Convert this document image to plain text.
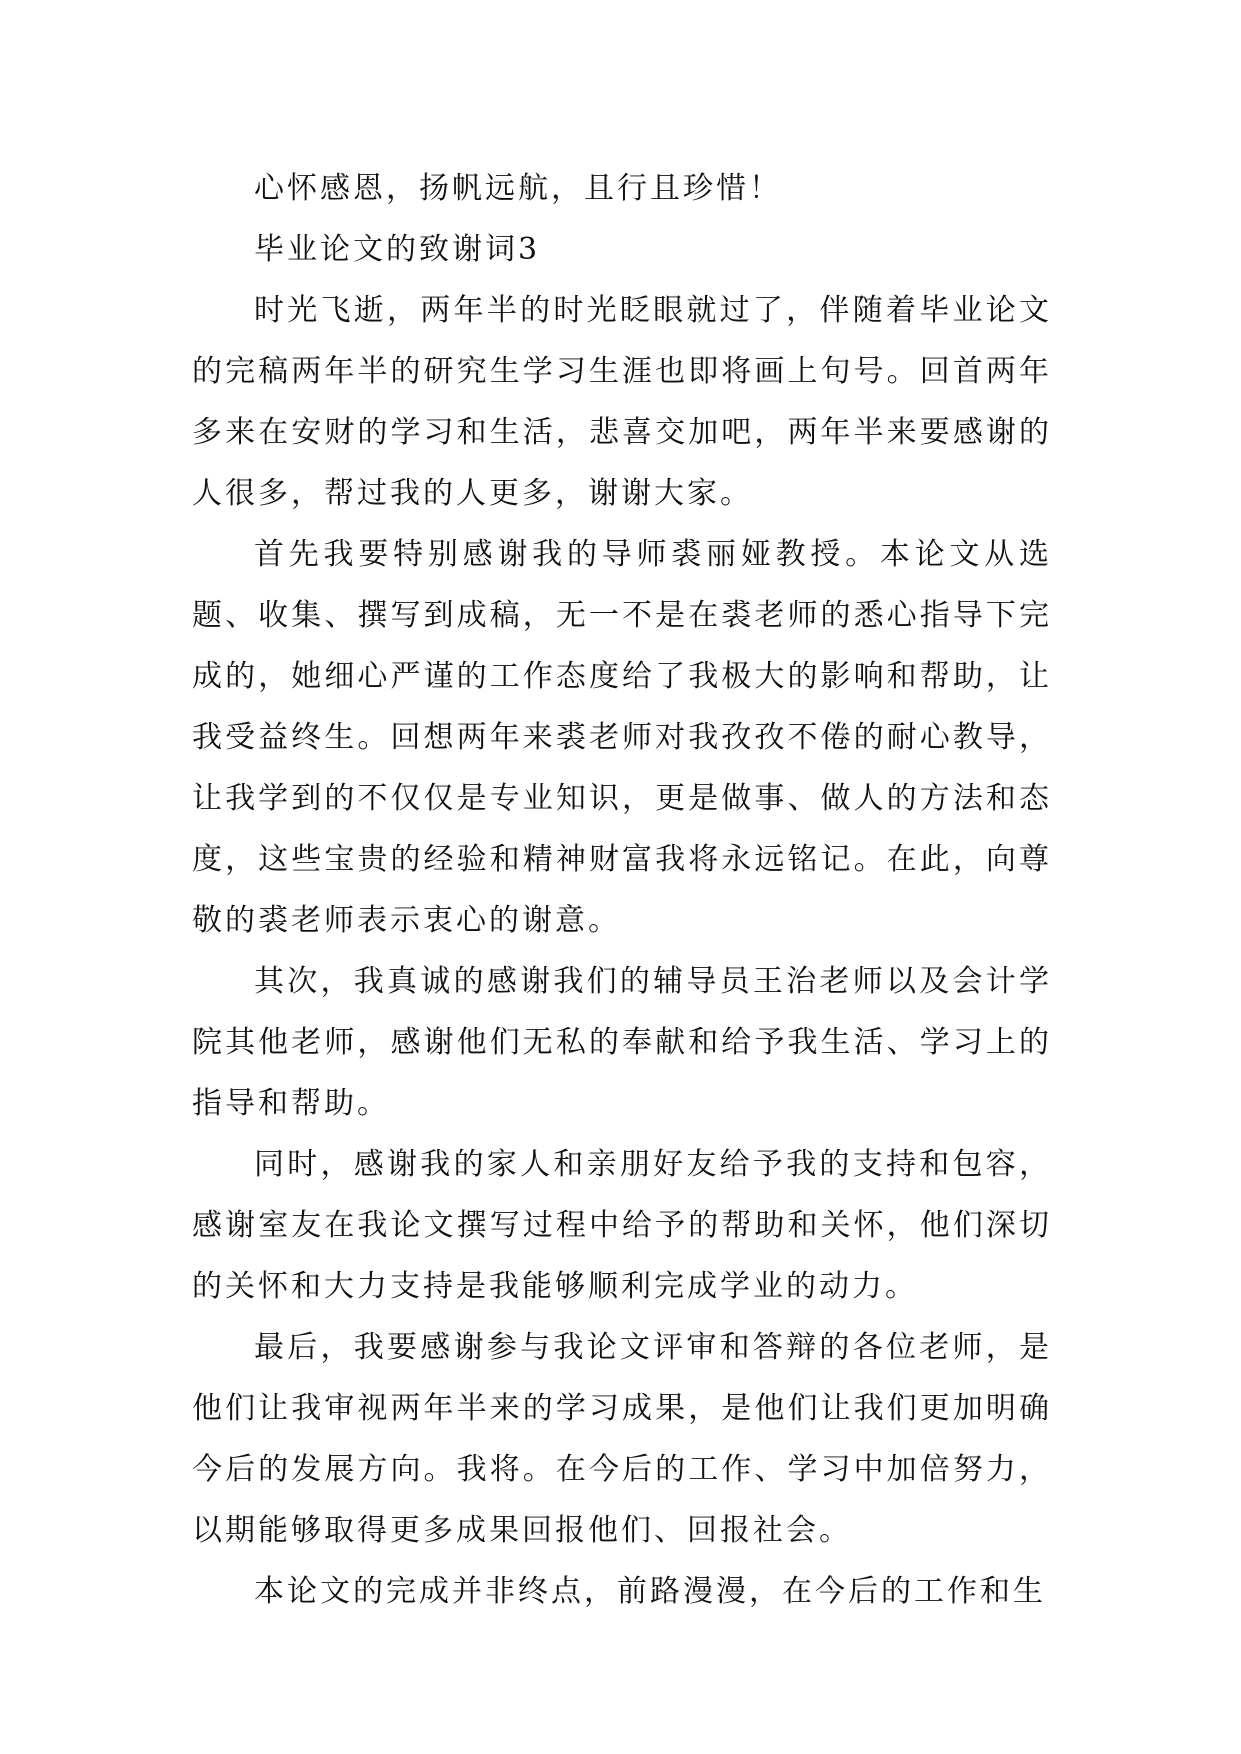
心怀感恩，扬帆远航，且行且珍惜！

毕业论文的致谢词3

时光飞逝，两年半的时光眨眼就过了，伴随着毕业论文的完稿两年半的研究生学习生涯也即将画上句号。回首两年多来在安财的学习和生活，悲喜交加吧，两年半来要感谢的人很多，帮过我的人更多，谢谢大家。

首先我要特别感谢我的导师裘丽娅教授。本论文从选题、收集、撰写到成稿，无一不是在裘老师的悉心指导下完成的，她细心严谨的工作态度给了我极大的影响和帮助，让我受益终生。回想两年来裘老师对我孜孜不倦的耐心教导，让我学到的不仅仅是专业知识，更是做事、做人的方法和态度，这些宝贵的经验和精神财富我将永远铭记。在此，向尊敬的裘老师表示衷心的谢意。

其次，我真诚的感谢我们的辅导员王治老师以及会计学院其他老师，感谢他们无私的奉献和给予我生活、学习上的指导和帮助。

同时，感谢我的家人和亲朋好友给予我的支持和包容，感谢室友在我论文撰写过程中给予的帮助和关怀，他们深切的关怀和大力支持是我能够顺利完成学业的动力。

最后，我要感谢参与我论文评审和答辩的各位老师，是他们让我审视两年半来的学习成果，是他们让我们更加明确今后的发展方向。我将。在今后的工作、学习中加倍努力，以期能够取得更多成果回报他们、回报社会。

本论文的完成并非终点，前路漫漫，在今后的工作和生
